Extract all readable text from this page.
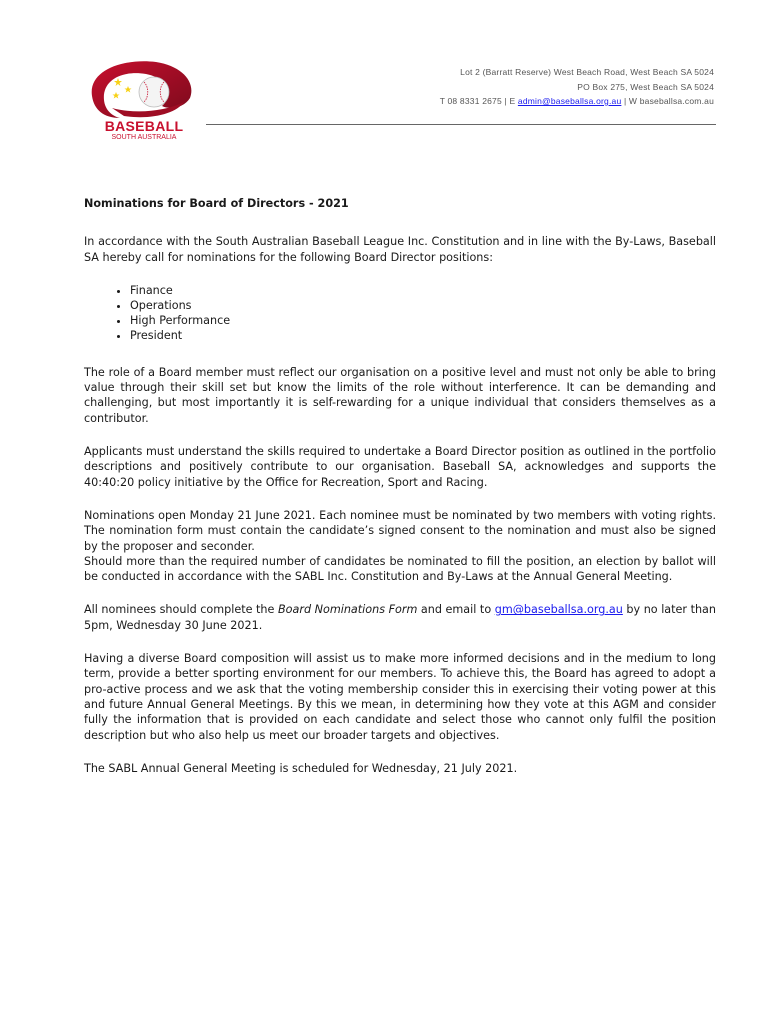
BASEBALL
SOUTH AUSTRALIA
Lot 2 (Barratt Reserve) West Beach Road, West Beach SA 5024
PO Box 275, West Beach SA 5024
T 08 8331 2675 | E admin@baseballsa.org.au | W baseballsa.com.au
Nominations for Board of Directors - 2021

In accordance with the South Australian Baseball League Inc. Constitution and in line with the By-Laws, Baseball SA hereby call for nominations for the following Board Director positions:

• Finance
• Operations
• High Performance
• President

The role of a Board member must reflect our organisation on a positive level and must not only be able to bring value through their skill set but know the limits of the role without interference. It can be demanding and challenging, but most importantly it is self-rewarding for a unique individual that considers themselves as a contributor.

Applicants must understand the skills required to undertake a Board Director position as outlined in the portfolio descriptions and positively contribute to our organisation. Baseball SA, acknowledges and supports the 40:40:20 policy initiative by the Office for Recreation, Sport and Racing.

Nominations open Monday 21 June 2021. Each nominee must be nominated by two members with voting rights. The nomination form must contain the candidate’s signed consent to the nomination and must also be signed by the proposer and seconder.

Should more than the required number of candidates be nominated to fill the position, an election by ballot will be conducted in accordance with the SABL Inc. Constitution and By-Laws at the Annual General Meeting.

All nominees should complete the Board Nominations Form and email to gm@baseballsa.org.au by no later than 5pm, Wednesday 30 June 2021.

Having a diverse Board composition will assist us to make more informed decisions and in the medium to long term, provide a better sporting environment for our members. To achieve this, the Board has agreed to adopt a pro-active process and we ask that the voting membership consider this in exercising their voting power at this and future Annual General Meetings. By this we mean, in determining how they vote at this AGM and consider fully the information that is provided on each candidate and select those who cannot only fulfil the position description but who also help us meet our broader targets and objectives.

The SABL Annual General Meeting is scheduled for Wednesday, 21 July 2021.
